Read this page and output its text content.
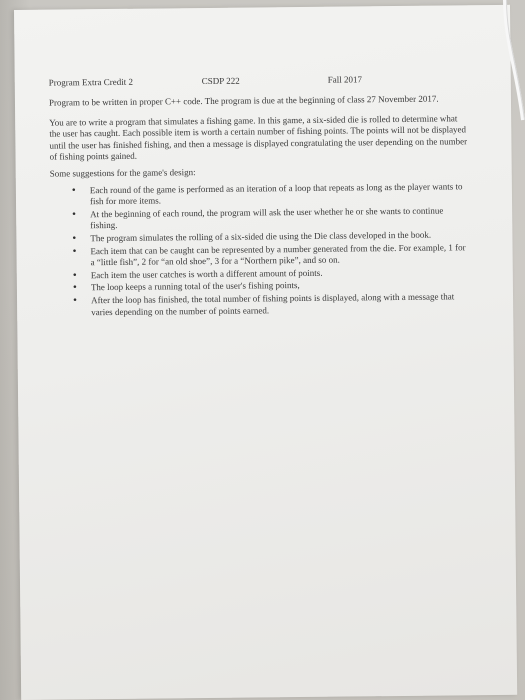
Program Extra Credit 2	CSDP 222	Fall 2017

Program to be written in proper C++ code. The program is due at the beginning of class 27 November 2017.

You are to write a program that simulates a fishing game. In this game, a six-sided die is rolled to determine what the user has caught. Each possible item is worth a certain number of fishing points. The points will not be displayed until the user has finished fishing, and then a message is displayed congratulating the user depending on the number of fishing points gained.

Some suggestions for the game's design:

• Each round of the game is performed as an iteration of a loop that repeats as long as the player wants to fish for more items.
• At the beginning of each round, the program will ask the user whether he or she wants to continue fishing.
• The program simulates the rolling of a six-sided die using the Die class developed in the book.
• Each item that can be caught can be represented by a number generated from the die. For example, 1 for a “little fish”, 2 for “an old shoe”, 3 for a “Northern pike”, and so on.
• Each item the user catches is worth a different amount of points.
• The loop keeps a running total of the user's fishing points,
• After the loop has finished, the total number of fishing points is displayed, along with a message that varies depending on the number of points earned.
